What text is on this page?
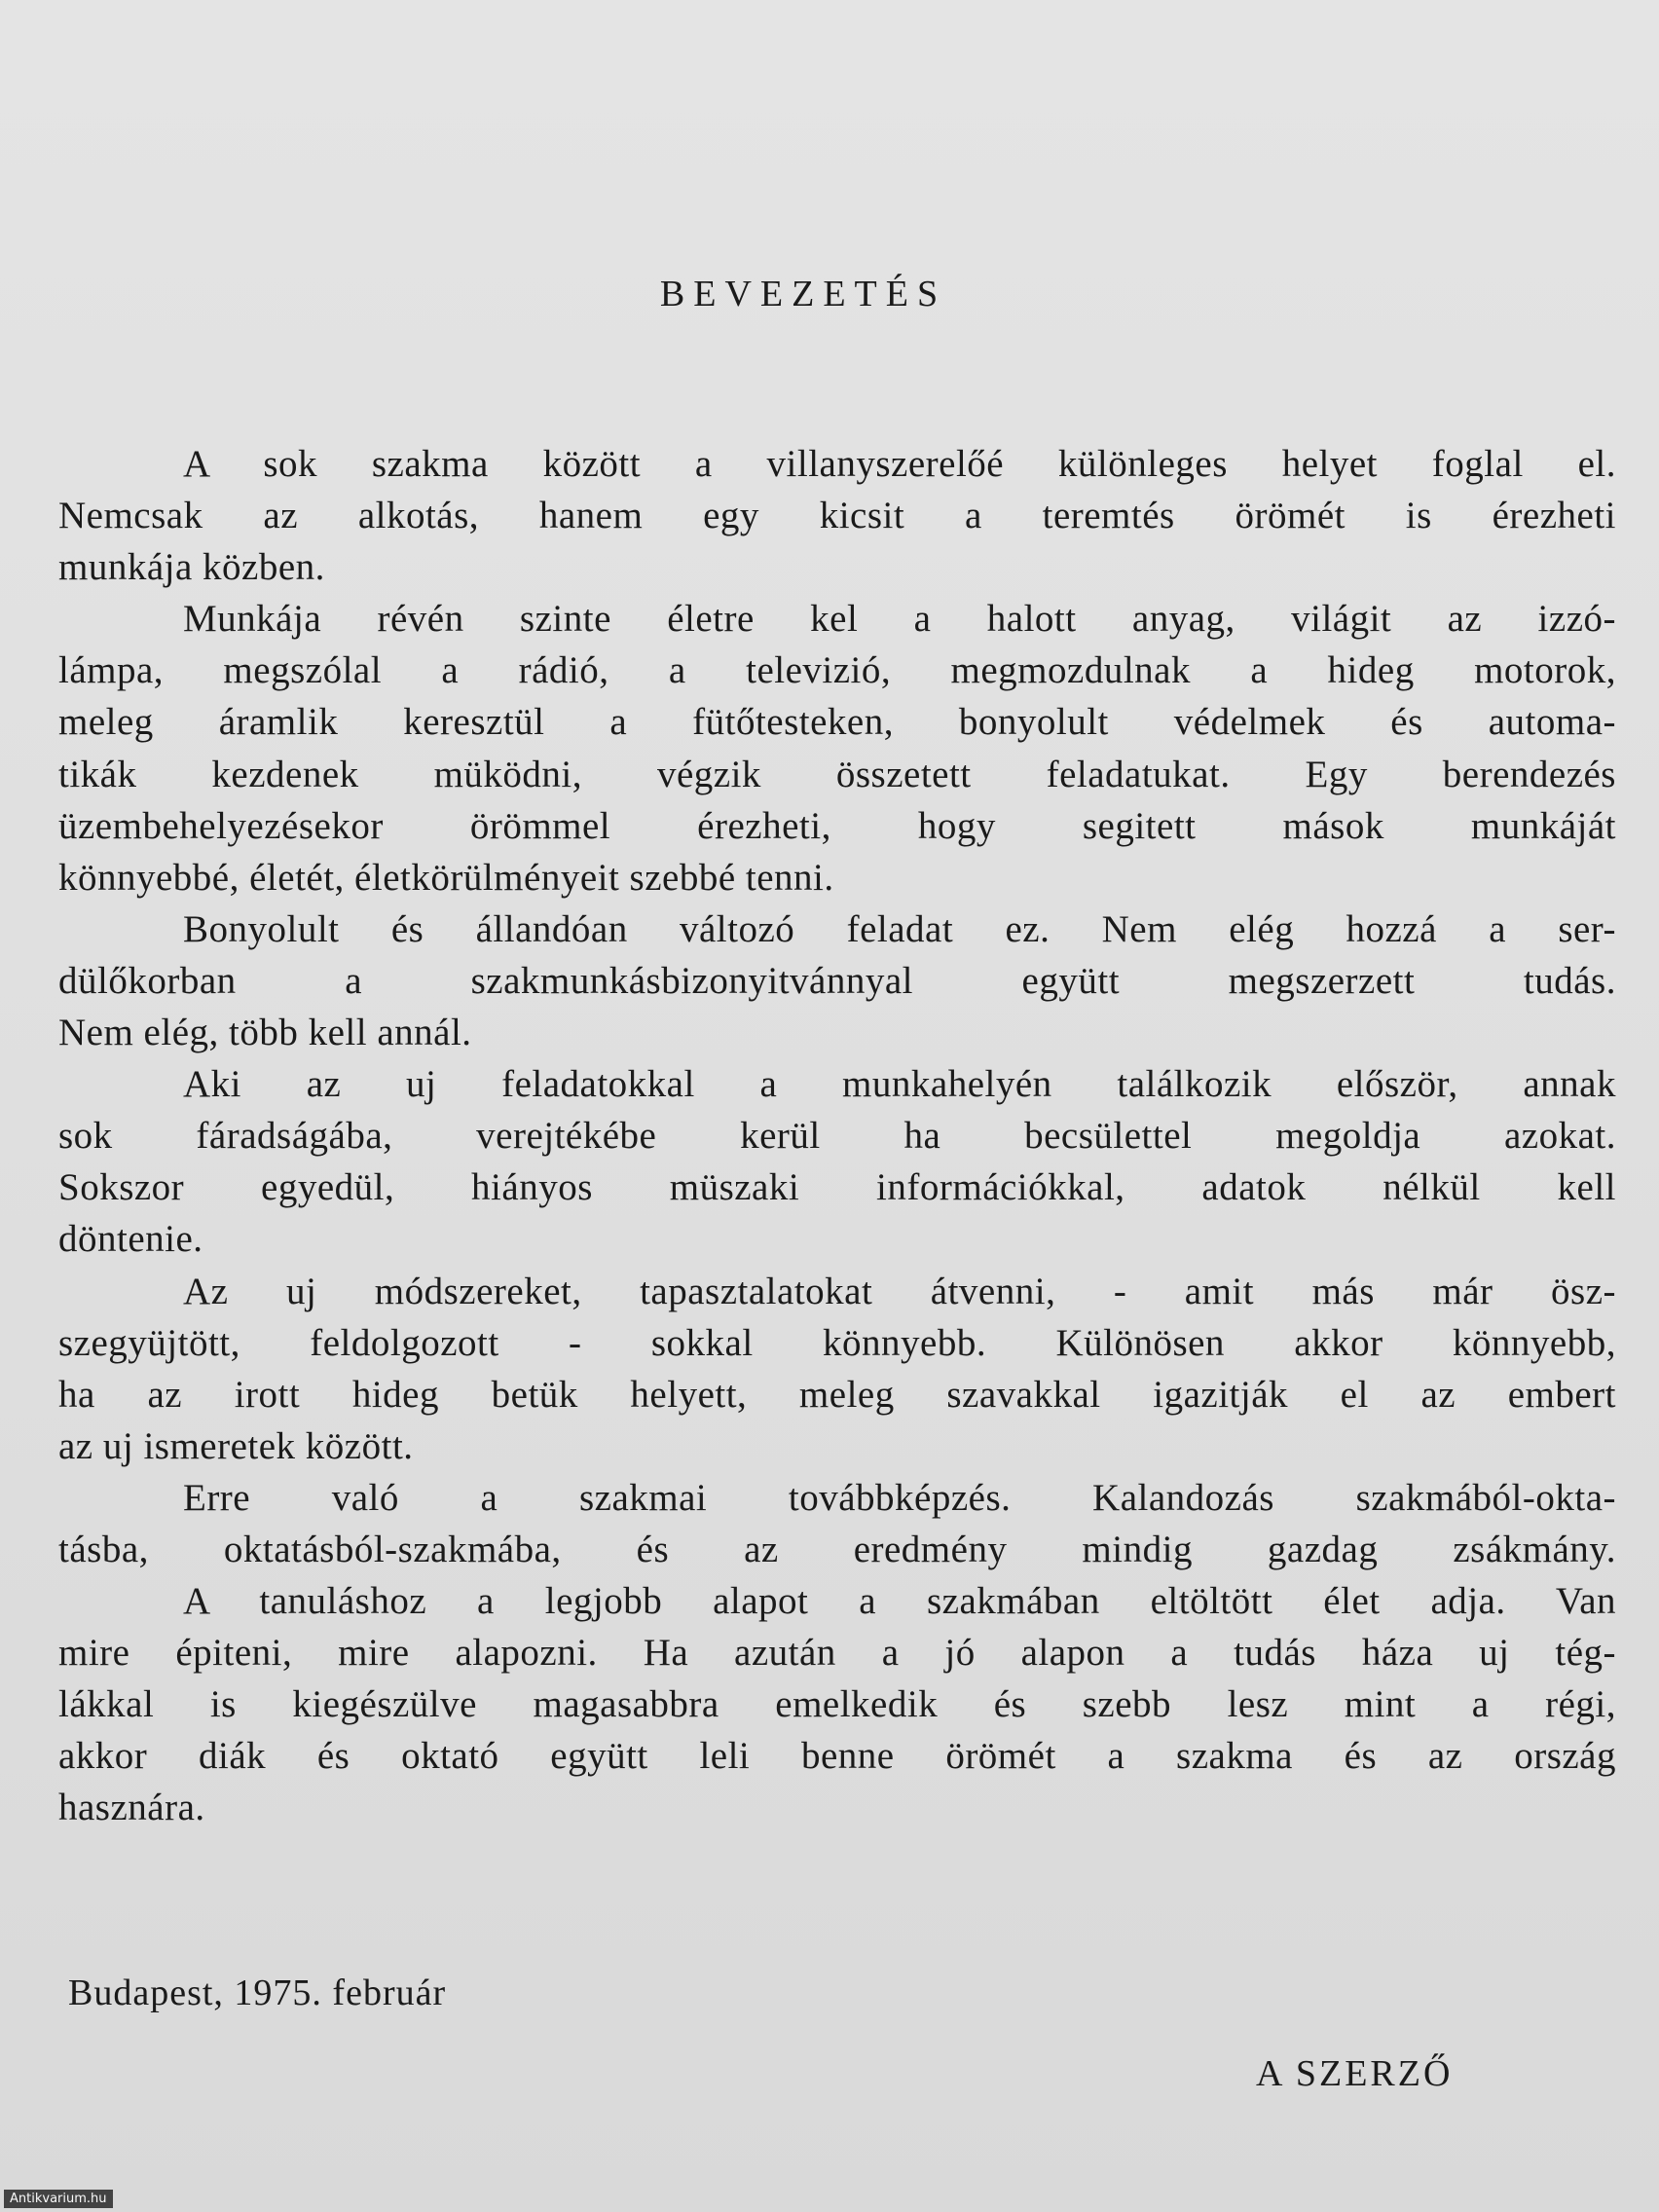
BEVEZETÉS
A sok szakma között a villanyszerelőé különleges helyet foglal el.
Nemcsak az alkotás, hanem egy kicsit a teremtés örömét is érezheti
munkája közben.
Munkája révén szinte életre kel a halott anyag, világit az izzó-
lámpa, megszólal a rádió, a televizió, megmozdulnak a hideg motorok,
meleg áramlik keresztül a fütőtesteken, bonyolult védelmek és automa-
tikák kezdenek müködni, végzik összetett feladatukat. Egy berendezés
üzembehelyezésekor örömmel érezheti, hogy segitett mások munkáját
könnyebbé, életét, életkörülményeit szebbé tenni.
Bonyolult és állandóan változó feladat ez. Nem elég hozzá a ser-
dülőkorban a szakmunkásbizonyitvánnyal együtt megszerzett tudás.
Nem elég, több kell annál.
Aki az uj feladatokkal a munkahelyén találkozik először, annak
sok fáradságába, verejtékébe kerül ha becsülettel megoldja azokat.
Sokszor egyedül, hiányos müszaki információkkal, adatok nélkül kell
döntenie.
Az uj módszereket, tapasztalatokat átvenni, - amit más már ösz-
szegyüjtött, feldolgozott - sokkal könnyebb. Különösen akkor könnyebb,
ha az irott hideg betük helyett, meleg szavakkal igazitják el az embert
az uj ismeretek között.
Erre való a szakmai továbbképzés. Kalandozás szakmából-okta-
tásba, oktatásból-szakmába, és az eredmény mindig gazdag zsákmány.
A tanuláshoz a legjobb alapot a szakmában eltöltött élet adja. Van
mire épiteni, mire alapozni. Ha azután a jó alapon a tudás háza uj tég-
lákkal is kiegészülve magasabbra emelkedik és szebb lesz mint a régi,
akkor diák és oktató együtt leli benne örömét a szakma és az ország
hasznára.
Budapest, 1975. február
A SZERZŐ
Antikvarium.hu
